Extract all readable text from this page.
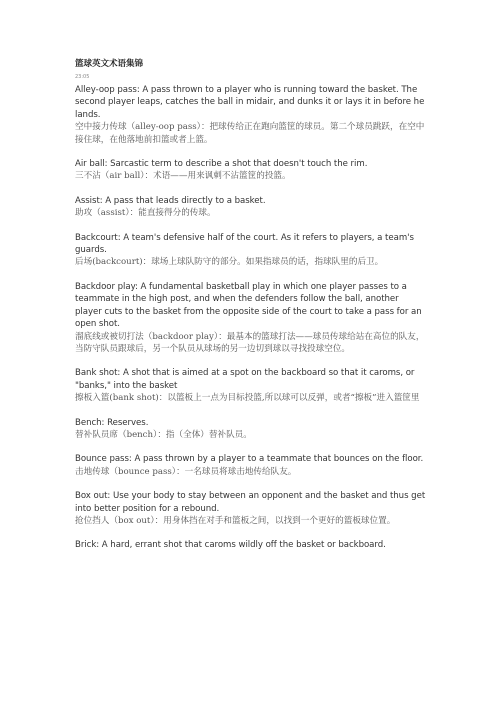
篮球英文术语集锦
23:05

Alley-oop pass: A pass thrown to a player who is running toward the basket. The second player leaps, catches the ball in midair, and dunks it or lays it in before he lands.

空中接力传球（alley-oop pass）：把球传给正在跑向篮筐的球员。第二个球员跳跃，在空中接住球，在他落地前扣篮或者上篮。

Air ball: Sarcastic term to describe a shot that doesn't touch the rim.

三不沾（air ball）：术语——用来讽刺不沾篮筐的投篮。

Assist: A pass that leads directly to a basket.

助攻（assist）：能直接得分的传球。

Backcourt: A team's defensive half of the court. As it refers to players, a team's guards.

后场(backcourt)：球场上球队防守的部分。如果指球员的话，指球队里的后卫。

Backdoor play: A fundamental basketball play in which one player passes to a teammate in the high post, and when the defenders follow the ball, another player cuts to the basket from the opposite side of the court to take a pass for an open shot.

溜底线或被切打法（backdoor play）：最基本的篮球打法——球员传球给站在高位的队友，当防守队员跟球后，另一个队员从球场的另一边切到球以寻找投球空位。

Bank shot: A shot that is aimed at a spot on the backboard so that it caroms, or "banks," into the basket

擦板入篮(bank shot)：以篮板上一点为目标投篮,所以球可以反弹，或者“擦板”进入篮筐里

Bench: Reserves.

替补队员席（bench）：指（全体）替补队员。

Bounce pass: A pass thrown by a player to a teammate that bounces on the floor.

击地传球（bounce pass）：一名球员将球击地传给队友。

Box out: Use your body to stay between an opponent and the basket and thus get into better position for a rebound.

抢位挡人（box out）：用身体挡在对手和篮板之间，以找到一个更好的篮板球位置。

Brick: A hard, errant shot that caroms wildly off the basket or backboard.
